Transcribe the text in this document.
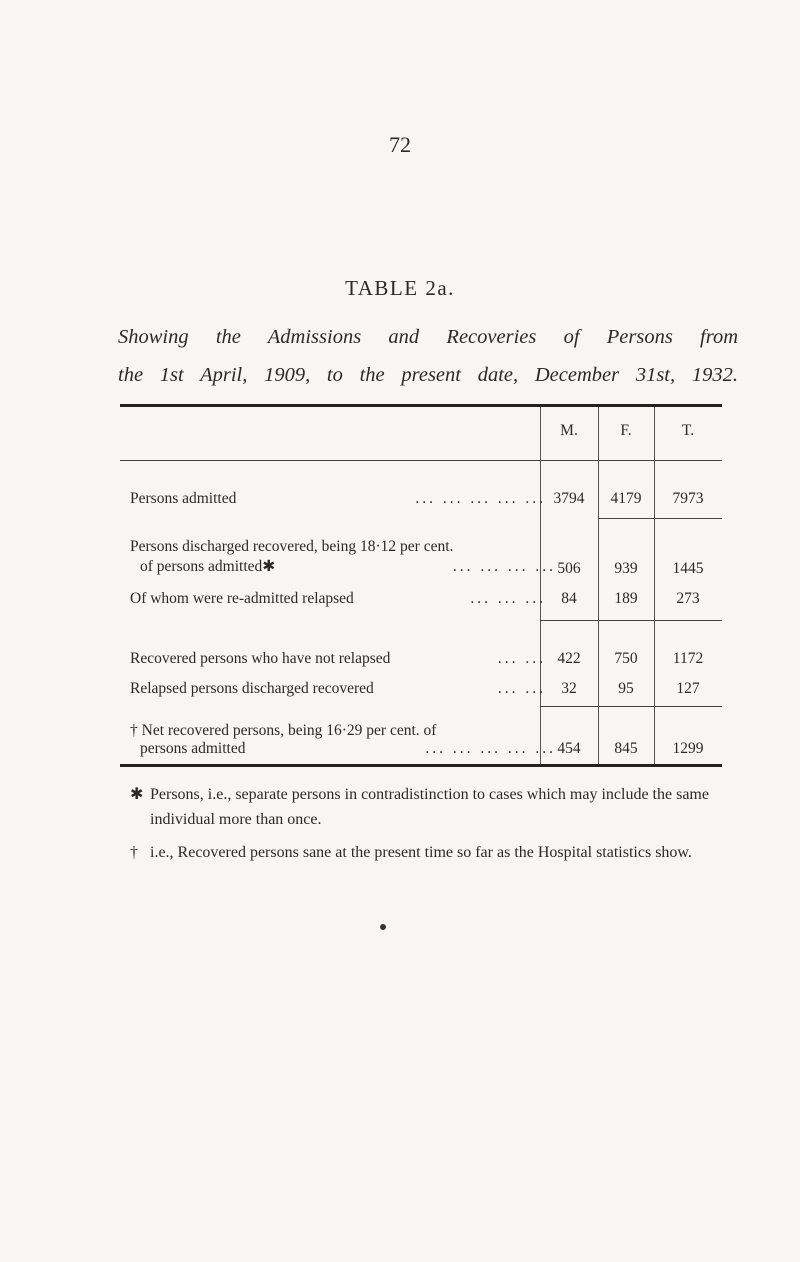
72
TABLE 2a.
Showing the Admissions and Recoveries of Persons from
the 1st April, 1909, to the present date, December 31st, 1932.
M.	F.	T.
Persons admitted	... ... ... ... ... 3794	4179	7973
Persons discharged recovered, being 18·12 per cent.
of persons admitted✱	... ... ... ... 506	939	1445
Of whom were re-admitted relapsed	... ... ... 84	189	273
Recovered persons who have not relapsed	... ... 422	750	1172
Relapsed persons discharged recovered	... ... 32	95	127
† Net recovered persons, being 16·29 per cent. of
persons admitted	... ... ... ... ... 454	845	1299
✱ Persons, i.e., separate persons in contradistinction to cases which may include the same individual more than once.
† i.e., Recovered persons sane at the present time so far as the Hospital statistics show.
